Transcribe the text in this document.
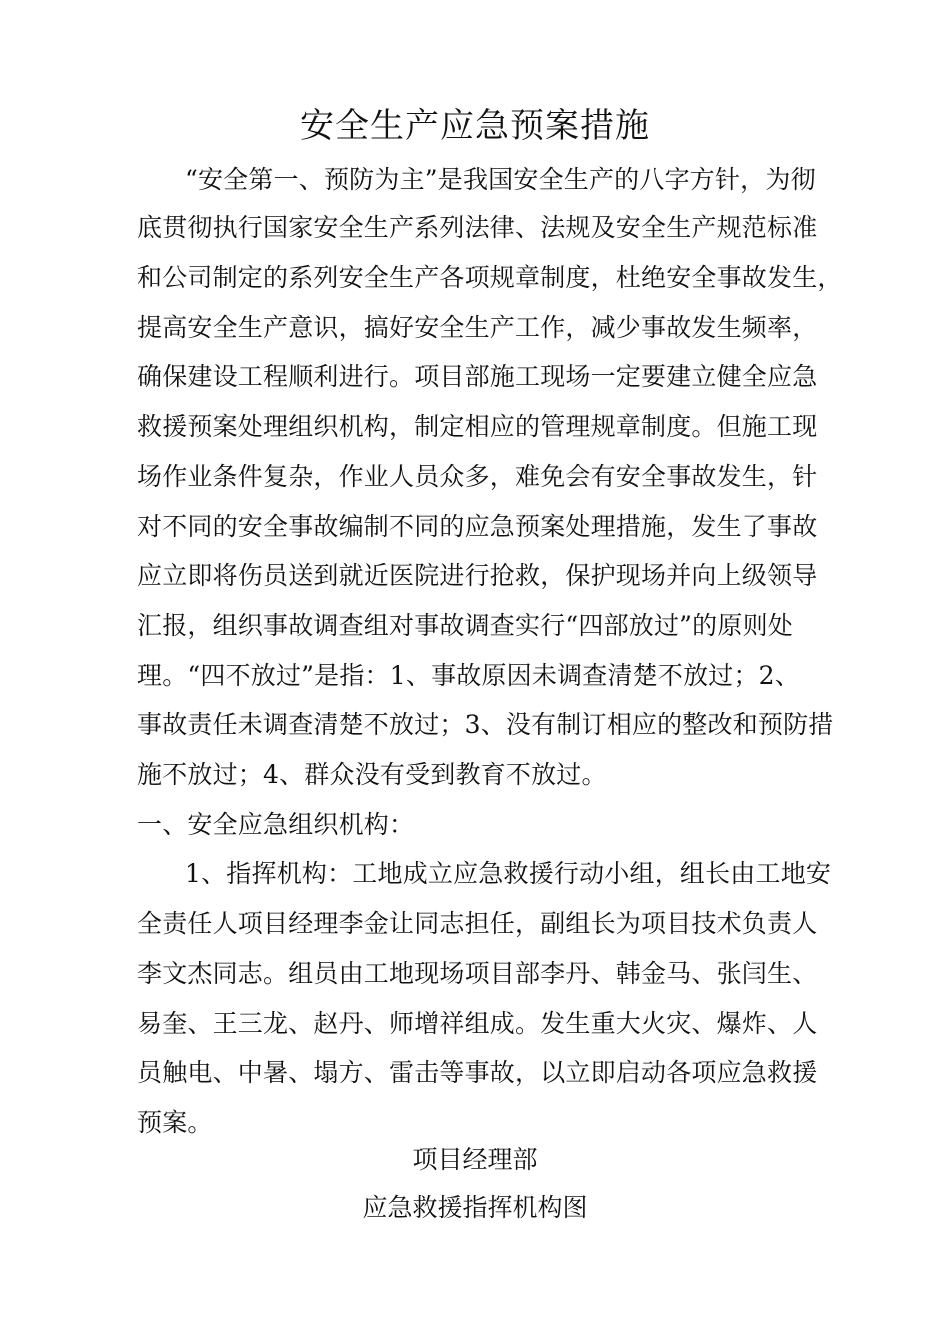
安全生产应急预案措施
“安全第一、预防为主”是我国安全生产的八字方针，为彻
底贯彻执行国家安全生产系列法律、法规及安全生产规范标准
和公司制定的系列安全生产各项规章制度，杜绝安全事故发生，
提高安全生产意识，搞好安全生产工作，减少事故发生频率，
确保建设工程顺利进行。项目部施工现场一定要建立健全应急
救援预案处理组织机构，制定相应的管理规章制度。但施工现
场作业条件复杂，作业人员众多，难免会有安全事故发生，针
对不同的安全事故编制不同的应急预案处理措施，发生了事故
应立即将伤员送到就近医院进行抢救，保护现场并向上级领导
汇报，组织事故调查组对事故调查实行“四部放过”的原则处
理。“四不放过”是指：1、事故原因未调查清楚不放过；2、
事故责任未调查清楚不放过；3、没有制订相应的整改和预防措
施不放过；4、群众没有受到教育不放过。
一、安全应急组织机构：
1、指挥机构：工地成立应急救援行动小组，组长由工地安
全责任人项目经理李金让同志担任，副组长为项目技术负责人
李文杰同志。组员由工地现场项目部李丹、韩金马、张闫生、
易奎、王三龙、赵丹、师增祥组成。发生重大火灾、爆炸、人
员触电、中暑、塌方、雷击等事故，以立即启动各项应急救援
预案。
项目经理部
应急救援指挥机构图
